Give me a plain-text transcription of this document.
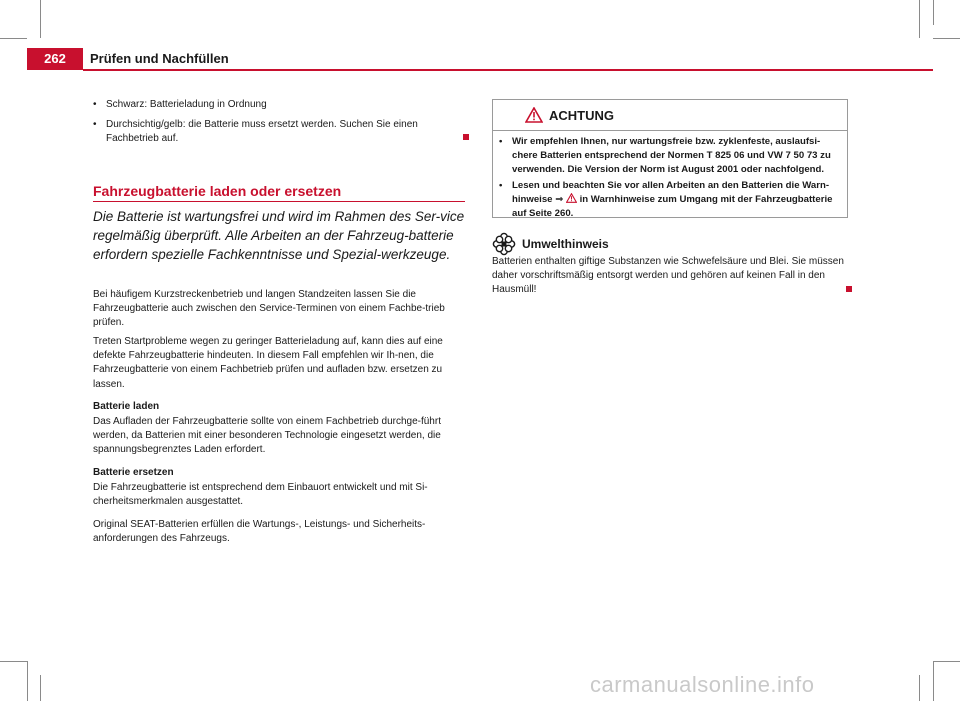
262	Prüfen und Nachfüllen
• Schwarz: Batterieladung in Ordnung
• Durchsichtig/gelb: die Batterie muss ersetzt werden. Suchen Sie einen Fachbetrieb auf.
Fahrzeugbatterie laden oder ersetzen

Die Batterie ist wartungsfrei und wird im Rahmen des Ser-vice regelmäßig überprüft. Alle Arbeiten an der Fahrzeug-batterie erfordern spezielle Fachkenntnisse und Spezial-werkzeuge.

Bei häufigem Kurzstreckenbetrieb und langen Standzeiten lassen Sie die Fahrzeugbatterie auch zwischen den Service-Terminen von einem Fachbe-trieb prüfen.

Treten Startprobleme wegen zu geringer Batterieladung auf, kann dies auf eine defekte Fahrzeugbatterie hindeuten. In diesem Fall empfehlen wir Ih-nen, die Fahrzeugbatterie von einem Fachbetrieb prüfen und aufladen bzw. ersetzen zu lassen.

Batterie laden

Das Aufladen der Fahrzeugbatterie sollte von einem Fachbetrieb durchge-führt werden, da Batterien mit einer besonderen Technologie eingesetzt werden, die spannungsbegrenztes Laden erfordert.

Batterie ersetzen

Die Fahrzeugbatterie ist entsprechend dem Einbauort entwickelt und mit Si-cherheitsmerkmalen ausgestattet.

Original SEAT-Batterien erfüllen die Wartungs-, Leistungs- und Sicherheits-anforderungen des Fahrzeugs.

ACHTUNG
•	Wir empfehlen Ihnen, nur wartungsfreie bzw. zyklenfeste, auslaufsi-chere Batterien entsprechend der Normen T 825 06 und VW 7 50 73 zu verwenden. Die Version der Norm ist August 2001 oder nachfolgend.
•	Lesen und beachten Sie vor allen Arbeiten an den Batterien die Warn-hinweise ⇒ in Warnhinweise zum Umgang mit der Fahrzeugbatterie auf Seite 260.
Umwelthinweis

Batterien enthalten giftige Substanzen wie Schwefelsäure und Blei. Sie müssen daher vorschriftsmäßig entsorgt werden und gehören auf keinen Fall in den Hausmüll!

carmanualsonline.info
